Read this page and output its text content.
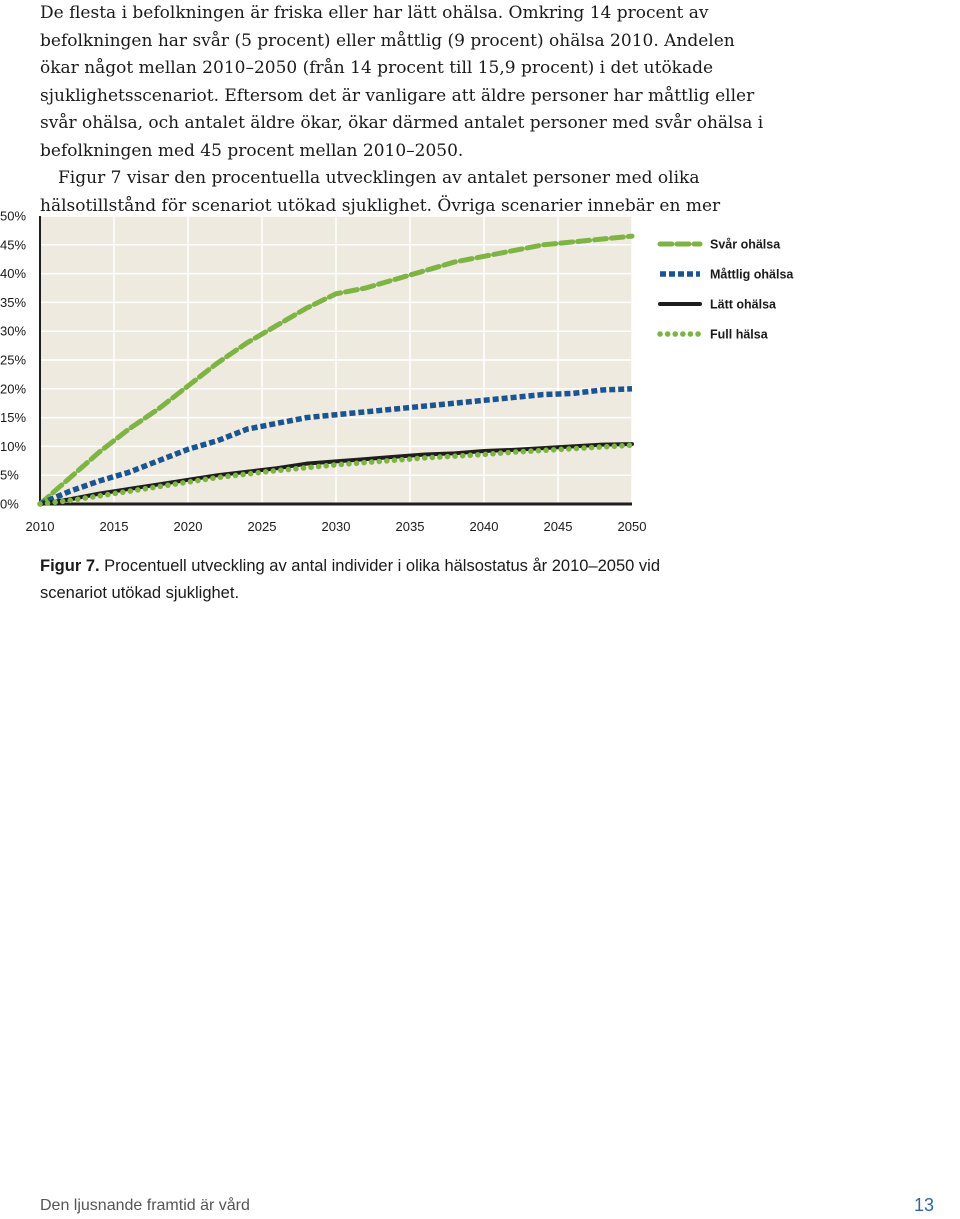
De flesta i befolkningen är friska eller har lätt ohälsa. Omkring 14 procent av befolkningen har svår (5 procent) eller måttlig (9 procent) ohälsa 2010. Andelen ökar något mellan 2010–2050 (från 14 procent till 15,9 procent) i det utökade sjuklighetsscenariot. Eftersom det är vanligare att äldre personer har måttlig eller svår ohälsa, och antalet äldre ökar, ökar därmed antalet personer med svår ohälsa i befolkningen med 45 procent mellan 2010–2050.

Figur 7 visar den procentuella utvecklingen av antalet personer med olika hälsotillstånd för scenariot utökad sjuklighet. Övriga scenarier innebär en mer

0%
5%
10%
15%
20%
25%
30%
35%
40%
45%
50%
2010	2015	2020	2025	2030	2035	2040	2045	2050
Svår ohälsa
Måttlig ohälsa
Lätt ohälsa
Full hälsa
Figur 7. Procentuell utveckling av antal individer i olika hälsostatus år 2010–2050 vid scenariot utökad sjuklighet.
Den ljusnande framtid är vård	13
